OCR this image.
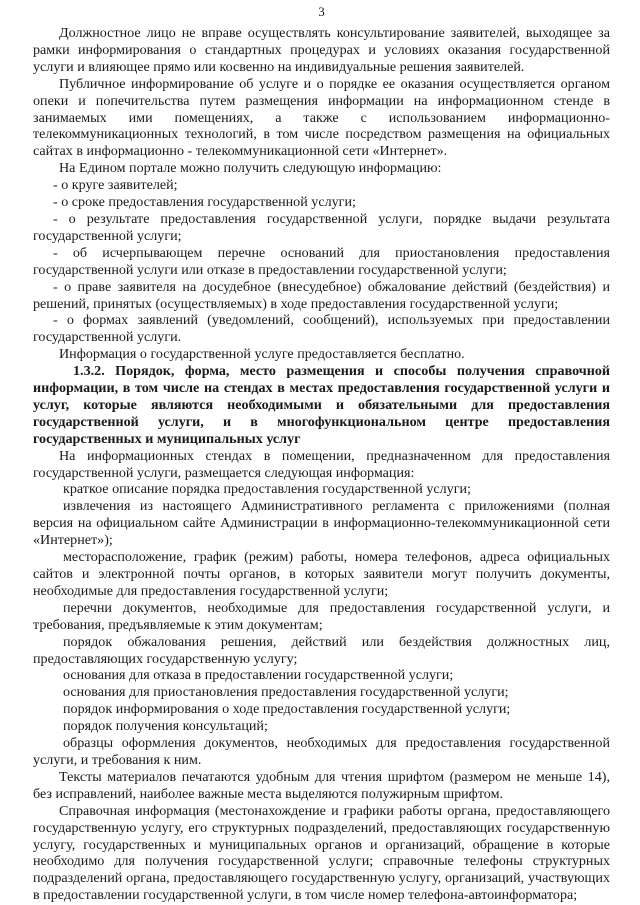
3

Должностное лицо не вправе осуществлять консультирование заявителей, выходящее за рамки информирования о стандартных процедурах и условиях оказания государственной услуги и влияющее прямо или косвенно на индивидуальные решения заявителей.

Публичное информирование об услуге и о порядке ее оказания осуществляется органом опеки и попечительства путем размещения информации на информационном стенде в занимаемых ими помещениях, а также с использованием информационно-телекоммуникационных технологий, в том числе посредством размещения на официальных сайтах в информационно - телекоммуникационной сети «Интернет».

На Едином портале можно получить следующую информацию:

- о круге заявителей;

- о сроке предоставления государственной услуги;

- о результате предоставления государственной услуги, порядке выдачи результата государственной услуги;

- об исчерпывающем перечне оснований для приостановления предоставления государственной услуги или отказе в предоставлении государственной услуги;

- о праве заявителя на досудебное (внесудебное) обжалование действий (бездействия) и решений, принятых (осуществляемых) в ходе предоставления государственной услуги;

- о формах заявлений (уведомлений, сообщений), используемых при предоставлении государственной услуги.

Информация о государственной услуге предоставляется бесплатно.

1.3.2. Порядок, форма, место размещения и способы получения справочной информации, в том числе на стендах в местах предоставления государственной услуги и услуг, которые являются необходимыми и обязательными для предоставления государственной услуги, и в многофункциональном центре предоставления государственных и муниципальных услуг

На информационных стендах в помещении, предназначенном для предоставления государственной услуги, размещается следующая информация:

краткое описание порядка предоставления государственной услуги;

извлечения из настоящего Административного регламента с приложениями (полная версия на официальном сайте Администрации в информационно-телекоммуникационной сети «Интернет»);

месторасположение, график (режим) работы, номера телефонов, адреса официальных сайтов и электронной почты органов, в которых заявители могут получить документы, необходимые для предоставления государственной услуги;

перечни документов, необходимые для предоставления государственной услуги, и требования, предъявляемые к этим документам;

порядок обжалования решения, действий или бездействия должностных лиц, предоставляющих государственную услугу;

основания для отказа в предоставлении государственной услуги;

основания для приостановления предоставления государственной услуги;

порядок информирования о ходе предоставления государственной услуги;

порядок получения консультаций;

образцы оформления документов, необходимых для предоставления государственной услуги, и требования к ним.

Тексты материалов печатаются удобным для чтения шрифтом (размером не меньше 14), без исправлений, наиболее важные места выделяются полужирным шрифтом.

Справочная информация (местонахождение и графики работы органа, предоставляющего государственную услугу, его структурных подразделений, предоставляющих государственную услугу, государственных и муниципальных органов и организаций, обращение в которые необходимо для получения государственной услуги; справочные телефоны структурных подразделений органа, предоставляющего государственную услугу, организаций, участвующих в предоставлении государственной услуги, в том числе номер телефона-автоинформатора;
